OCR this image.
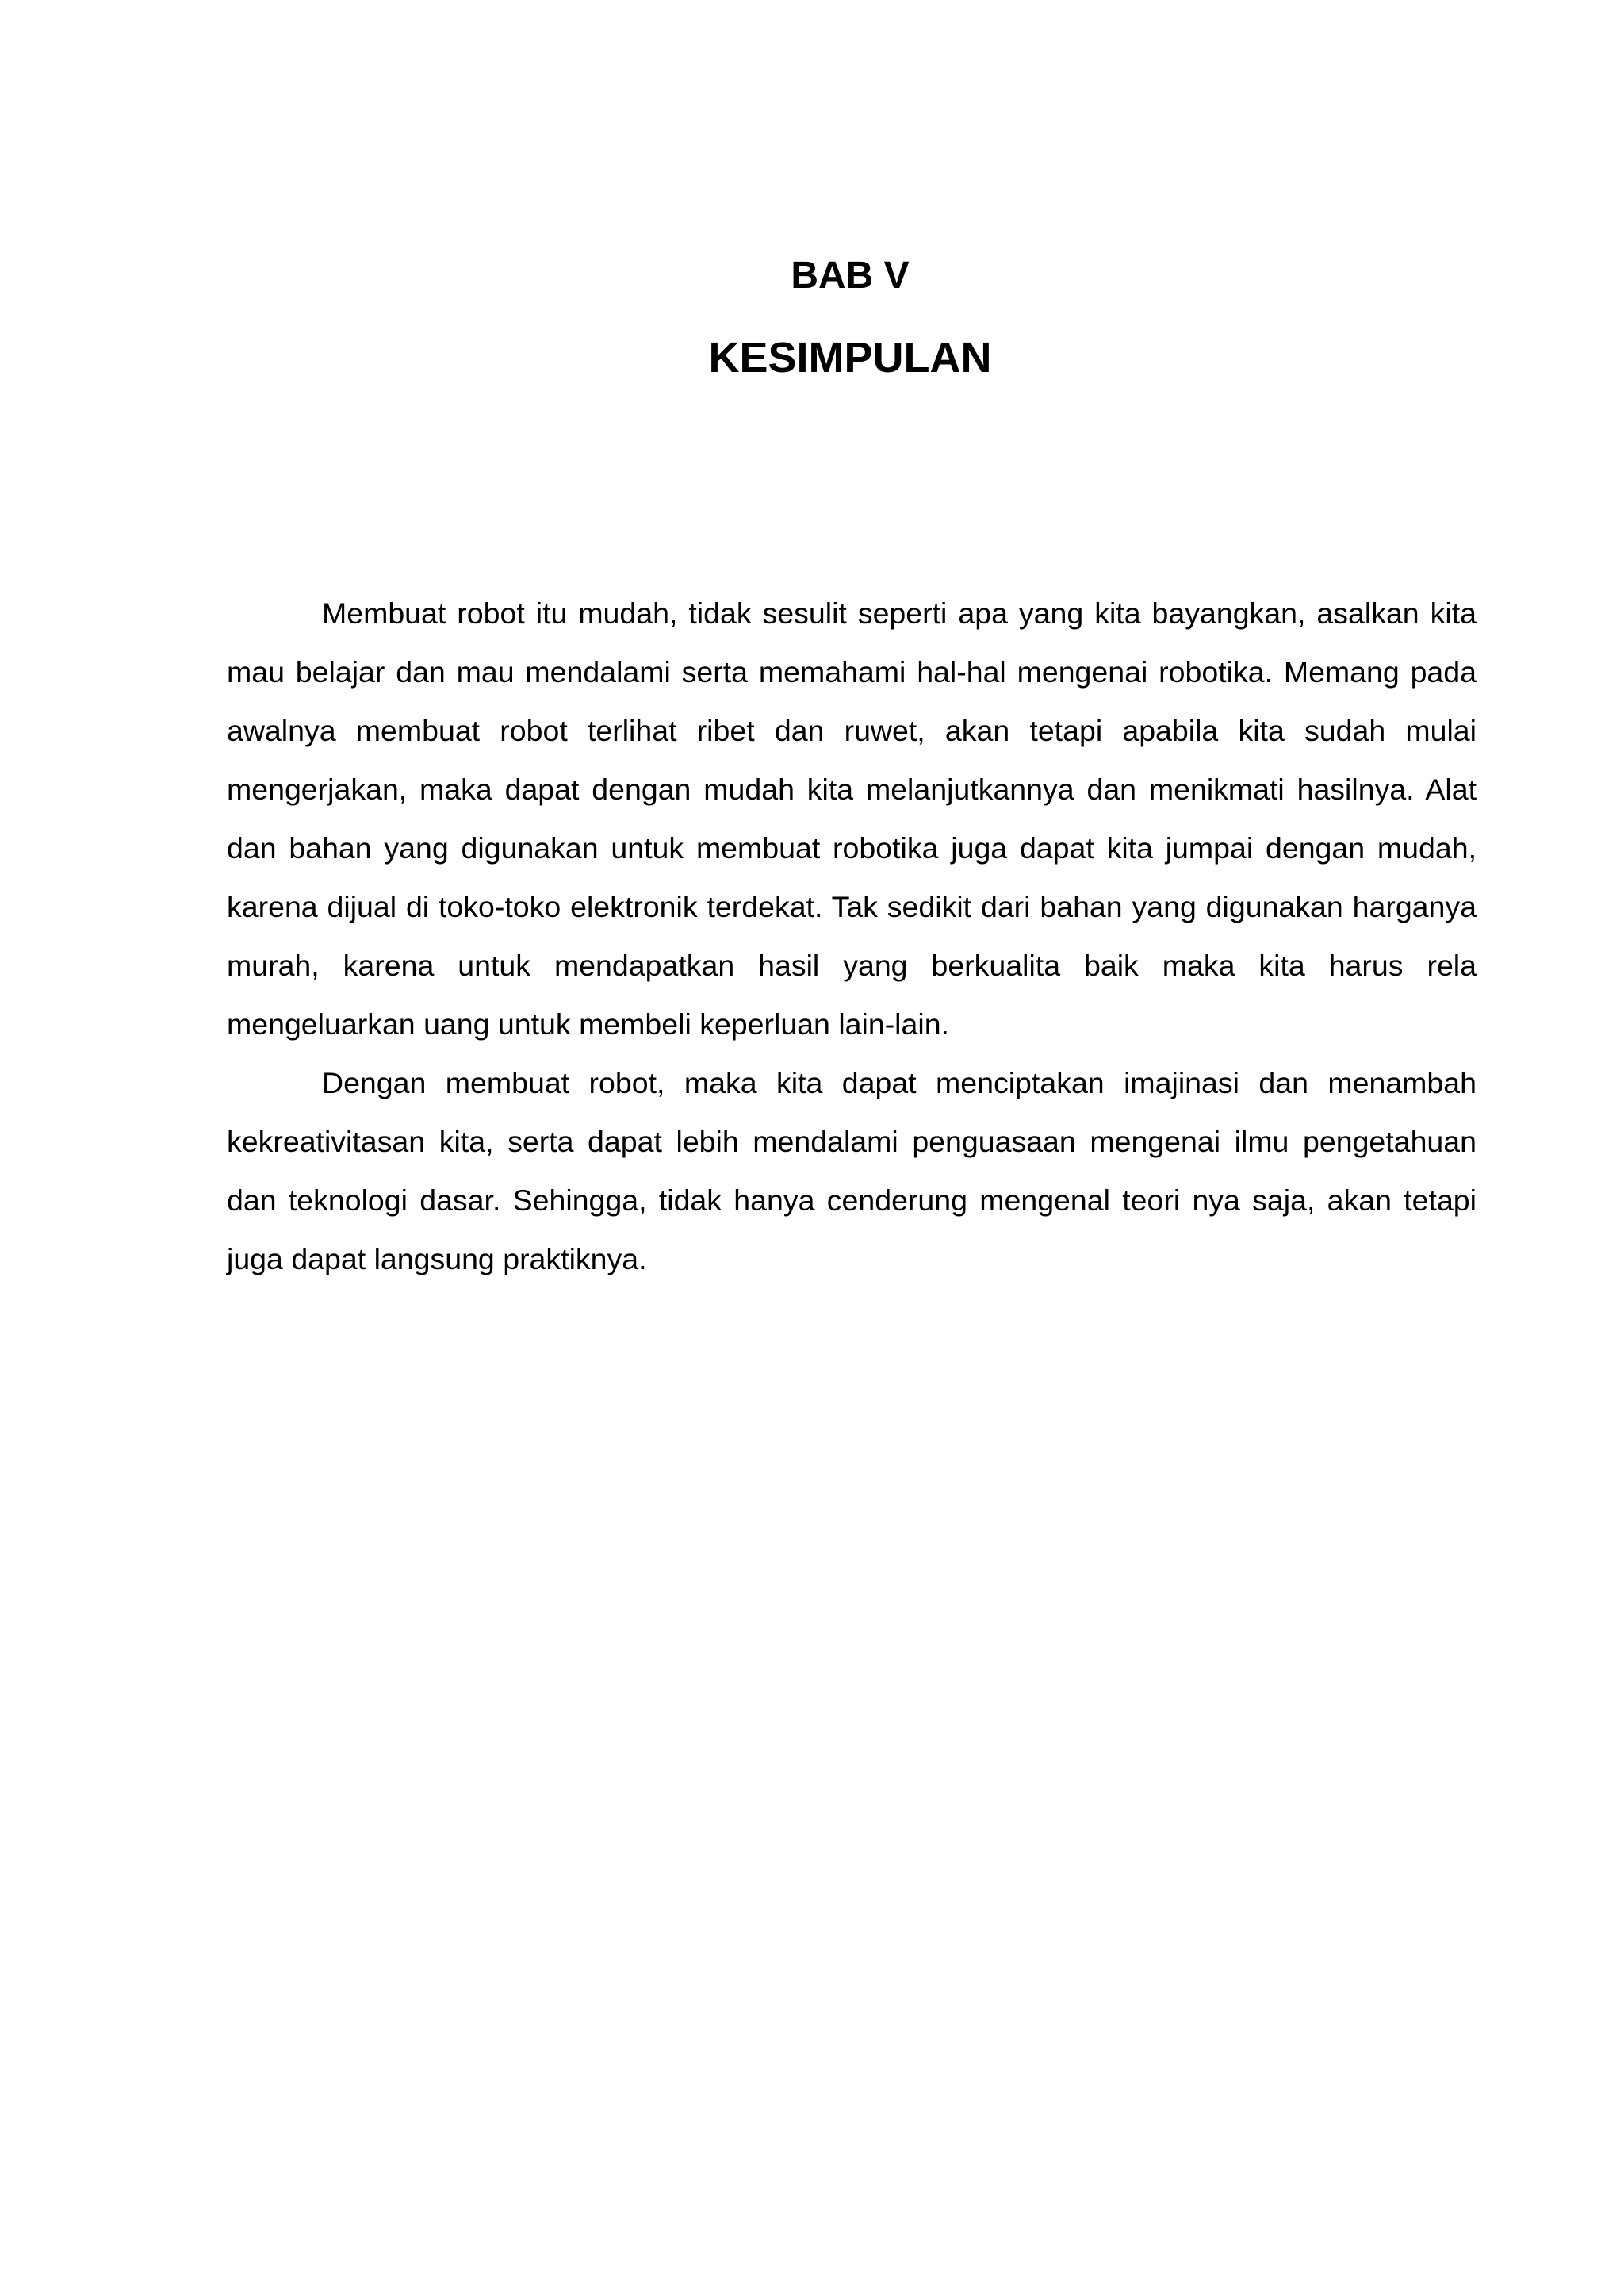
BAB V
KESIMPULAN

Membuat robot itu mudah, tidak sesulit seperti apa yang kita bayangkan, asalkan kita mau belajar dan mau mendalami serta memahami hal-hal mengenai robotika. Memang pada awalnya membuat robot terlihat ribet dan ruwet, akan tetapi apabila kita sudah mulai mengerjakan, maka dapat dengan mudah kita melanjutkannya dan menikmati hasilnya. Alat dan bahan yang digunakan untuk membuat robotika juga dapat kita jumpai dengan mudah, karena dijual di toko-toko elektronik terdekat. Tak sedikit dari bahan yang digunakan harganya murah, karena untuk mendapatkan hasil yang berkualita baik maka kita harus rela mengeluarkan uang untuk membeli keperluan lain-lain.

Dengan membuat robot, maka kita dapat menciptakan imajinasi dan menambah kekreativitasan kita, serta dapat lebih mendalami penguasaan mengenai ilmu pengetahuan dan teknologi dasar. Sehingga, tidak hanya cenderung mengenal teori nya saja, akan tetapi juga dapat langsung praktiknya.
